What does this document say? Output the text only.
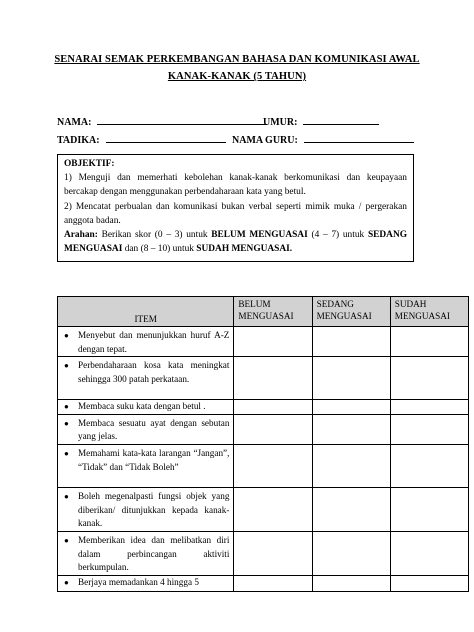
SENARAI SEMAK PERKEMBANGAN BAHASA DAN KOMUNIKASI AWAL
KANAK-KANAK (5 TAHUN)
NAMA:	UMUR:
TADIKA:	NAMA GURU:

OBJEKTIF:

1) Menguji dan memerhati kebolehan kanak-kanak berkomunikasi dan keupayaan bercakap dengan menggunakan perbendaharaan kata yang betul.

2) Mencatat perbualan dan komunikasi bukan verbal seperti mimik muka / pergerakan anggota badan.

Arahan: Berikan skor (0 – 3) untuk BELUM MENGUASAI (4 – 7) untuk SEDANG MENGUASAI dan (8 – 10) untuk SUDAH MENGUASAI.

ITEM	BELUM MENGUASAI	SEDANG MENGUASAI	SUDAH MENGUASAI

● Menyebut dan menunjukkan huruf A-Z dengan tepat.			

● Perbendaharaan kosa kata meningkat sehingga 300 patah perkataan.			

● Membaca suku kata dengan betul .			

● Membaca sesuatu ayat dengan sebutan yang jelas.			

● Memahami kata-kata larangan “Jangan”, “Tidak” dan “Tidak Boleh”			

● Boleh megenalpasti fungsi objek yang diberikan/ ditunjukkan kepada kanak-kanak.			

● Memberikan idea dan melibatkan diri dalam perbincangan aktiviti berkumpulan.			

● Berjaya memadankan 4 hingga 5			
